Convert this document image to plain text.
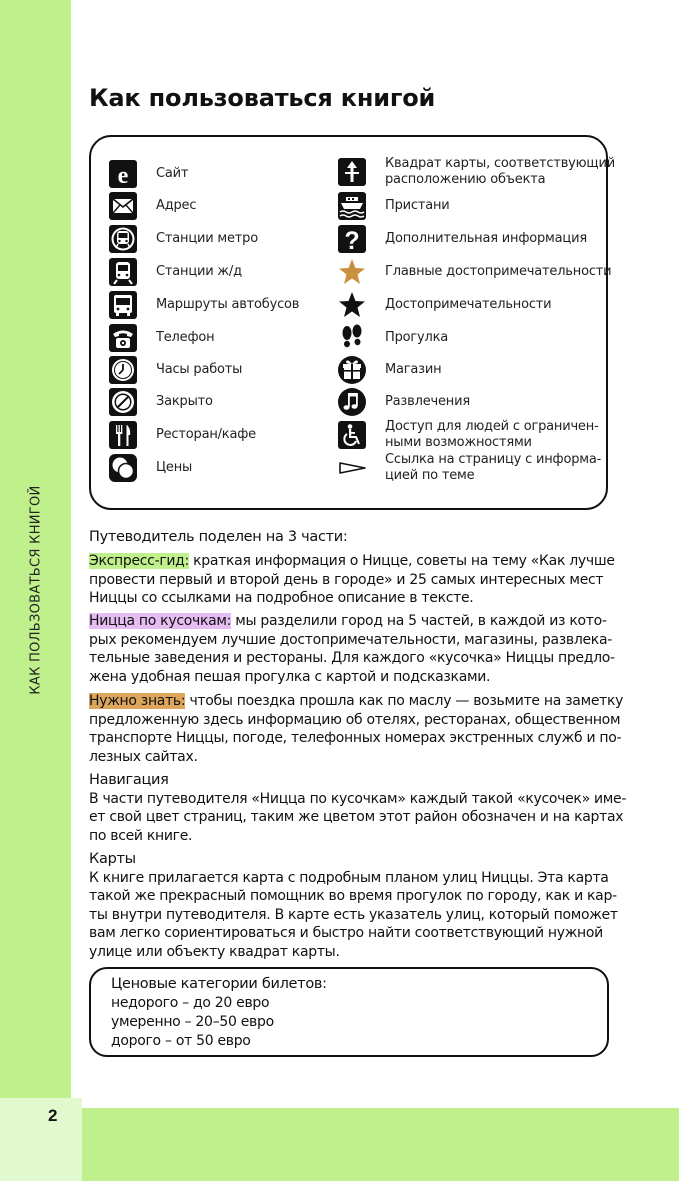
КАК ПОЛЬЗОВАТЬСЯ КНИГОЙ
2
Как пользоваться книгой
e Сайт
Адрес
Станции метро
Станции ж/д
Маршруты автобусов
Телефон
Часы работы
Закрыто
Ресторан/кафе
Цены
Квадрат карты, соответствующий
расположению объекта
Пристани
? Дополнительная информация
Главные достопримечательности
Достопримечательности
Прогулка
Магазин
Развлечения
Доступ для людей с ограничен-
ными возможностями
Ссылка на страницу с информа-
цией по теме
Путеводитель поделен на 3 части:
Экспресс-гид: краткая информация о Ницце, советы на тему «Как лучше
провести первый и второй день в городе» и 25 самых интересных мест
Ниццы со ссылками на подробное описание в тексте.
Ницца по кусочкам: мы разделили город на 5 частей, в каждой из кото-
рых рекомендуем лучшие достопримечательности, магазины, развлека-
тельные заведения и рестораны. Для каждого «кусочка» Ниццы предло-
жена удобная пешая прогулка с картой и подсказками.
Нужно знать: чтобы поездка прошла как по маслу — возьмите на заметку
предложенную здесь информацию об отелях, ресторанах, общественном
транспорте Ниццы, погоде, телефонных номерах экстренных служб и по-
лезных сайтах.
Навигация
В части путеводителя «Ницца по кусочкам» каждый такой «кусочек» име-
ет свой цвет страниц, таким же цветом этот район обозначен и на картах
по всей книге.
Карты
К книге прилагается карта с подробным планом улиц Ниццы. Эта карта
такой же прекрасный помощник во время прогулок по городу, как и кар-
ты внутри путеводителя. В карте есть указатель улиц, который поможет
вам легко сориентироваться и быстро найти соответствующий нужной
улице или объекту квадрат карты.
Ценовые категории билетов:
недорого – до 20 евро
умеренно – 20–50 евро
дорого – от 50 евро
